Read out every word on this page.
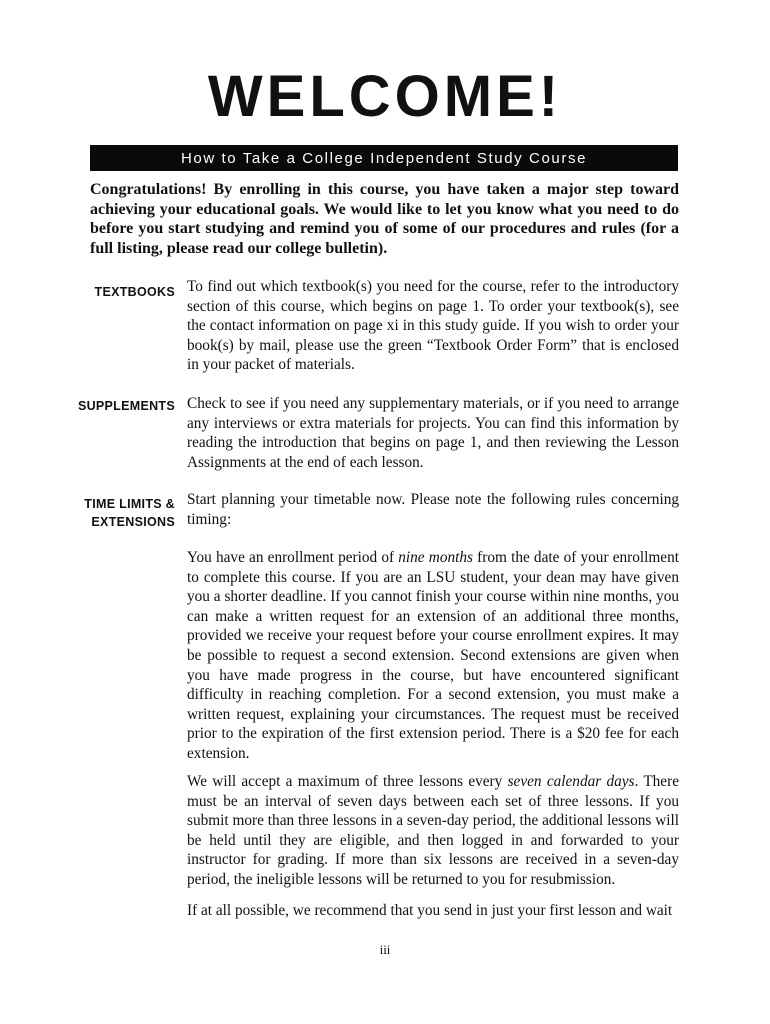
WELCOME!
How to Take a College Independent Study Course

Congratulations! By enrolling in this course, you have taken a major step toward achieving your educational goals. We would like to let you know what you need to do before you start studying and remind you of some of our procedures and rules (for a full listing, please read our college bulletin).

TEXTBOOKS To find out which textbook(s) you need for the course, refer to the introductory section of this course, which begins on page 1. To order your textbook(s), see the contact information on page xi in this study guide. If you wish to order your book(s) by mail, please use the green “Textbook Order Form” that is enclosed in your packet of materials.

SUPPLEMENTS Check to see if you need any supplementary materials, or if you need to arrange any interviews or extra materials for projects. You can find this information by reading the introduction that begins on page 1, and then reviewing the Lesson Assignments at the end of each lesson.

TIME LIMITS &
EXTENSIONS

Start planning your timetable now. Please note the following rules concerning timing:

You have an enrollment period of nine months from the date of your enrollment to complete this course. If you are an LSU student, your dean may have given you a shorter deadline. If you cannot finish your course within nine months, you can make a written request for an extension of an additional three months, provided we receive your request before your course enrollment expires. It may be possible to request a second extension. Second extensions are given when you have made progress in the course, but have encountered significant difficulty in reaching completion. For a second extension, you must make a written request, explaining your circumstances. The request must be received prior to the expiration of the first extension period. There is a $20 fee for each extension.

We will accept a maximum of three lessons every seven calendar days. There must be an interval of seven days between each set of three lessons. If you submit more than three lessons in a seven-day period, the additional lessons will be held until they are eligible, and then logged in and forwarded to your instructor for grading. If more than six lessons are received in a seven-day period, the ineligible lessons will be returned to you for resubmission.

If at all possible, we recommend that you send in just your first lesson and wait

iii
